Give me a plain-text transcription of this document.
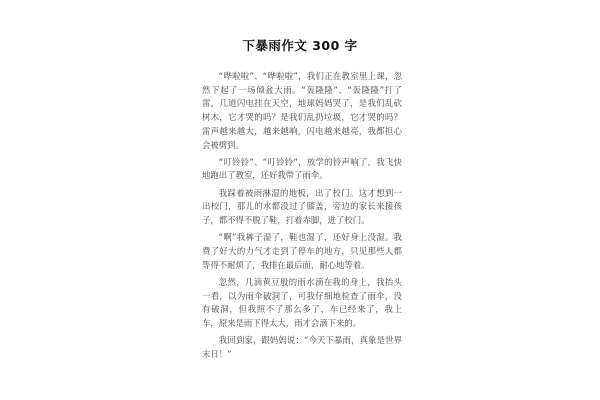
下暴雨作文 300 字

“哗啦啦”、“哗啦啦”，我们正在教室里上课，忽然下起了一场倾盆大雨。“轰隆隆”、“轰隆隆”打了雷，几道闪电挂在天空，地球妈妈哭了，是我们乱砍树木，它才哭的吗？是我们乱扔垃圾，它才哭的吗？雷声越来越大，越来越响，闪电越来越亮，我都担心会被劈到。

“叮铃铃”、“叮铃铃”，放学的铃声响了，我飞快地跑出了教室，还好我带了雨伞。

我踩着被雨淋湿的地板，出了校门。这才想到一出校门，那儿的水都没过了膝盖，旁边的家长来接孩子，都不得不脱了鞋，打着赤脚，进了校门。

“啊”我裤子湿了，鞋也湿了，还好身上没湿。我费了好大的力气才走到了停车的地方，只见那些人都等得不耐烦了，我排在最后面，耐心地等着。

忽然，几滴黄豆般的雨水滴在我的身上，我抬头一看，以为雨伞破洞了，可我仔细地检查了雨伞，没有破洞，但我照不了那么多了，车已经来了，我上车，原来是雨下得太大，雨才会滴下来的。

我回到家，跟妈妈说：“今天下暴雨，真象是世界末日！”
